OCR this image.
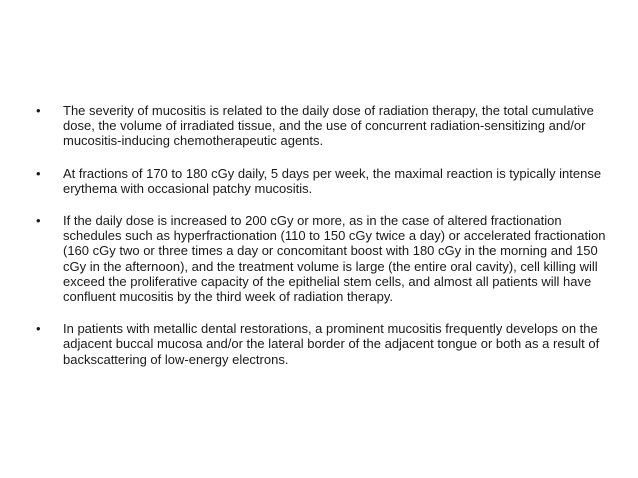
•	The severity of mucositis is related to the daily dose of radiation therapy, the total cumulative dose, the volume of irradiated tissue, and the use of concurrent radiation-sensitizing and/or mucositis-inducing chemotherapeutic agents.
•	At fractions of 170 to 180 cGy daily, 5 days per week, the maximal reaction is typically intense erythema with occasional patchy mucositis.
•	If the daily dose is increased to 200 cGy or more, as in the case of altered fractionation schedules such as hyperfractionation (110 to 150 cGy twice a day) or accelerated fractionation (160 cGy two or three times a day or concomitant boost with 180 cGy in the morning and 150 cGy in the afternoon), and the treatment volume is large (the entire oral cavity), cell killing will exceed the proliferative capacity of the epithelial stem cells, and almost all patients will have confluent mucositis by the third week of radiation therapy.
•	In patients with metallic dental restorations, a prominent mucositis frequently develops on the adjacent buccal mucosa and/or the lateral border of the adjacent tongue or both as a result of backscattering of low-energy electrons.
